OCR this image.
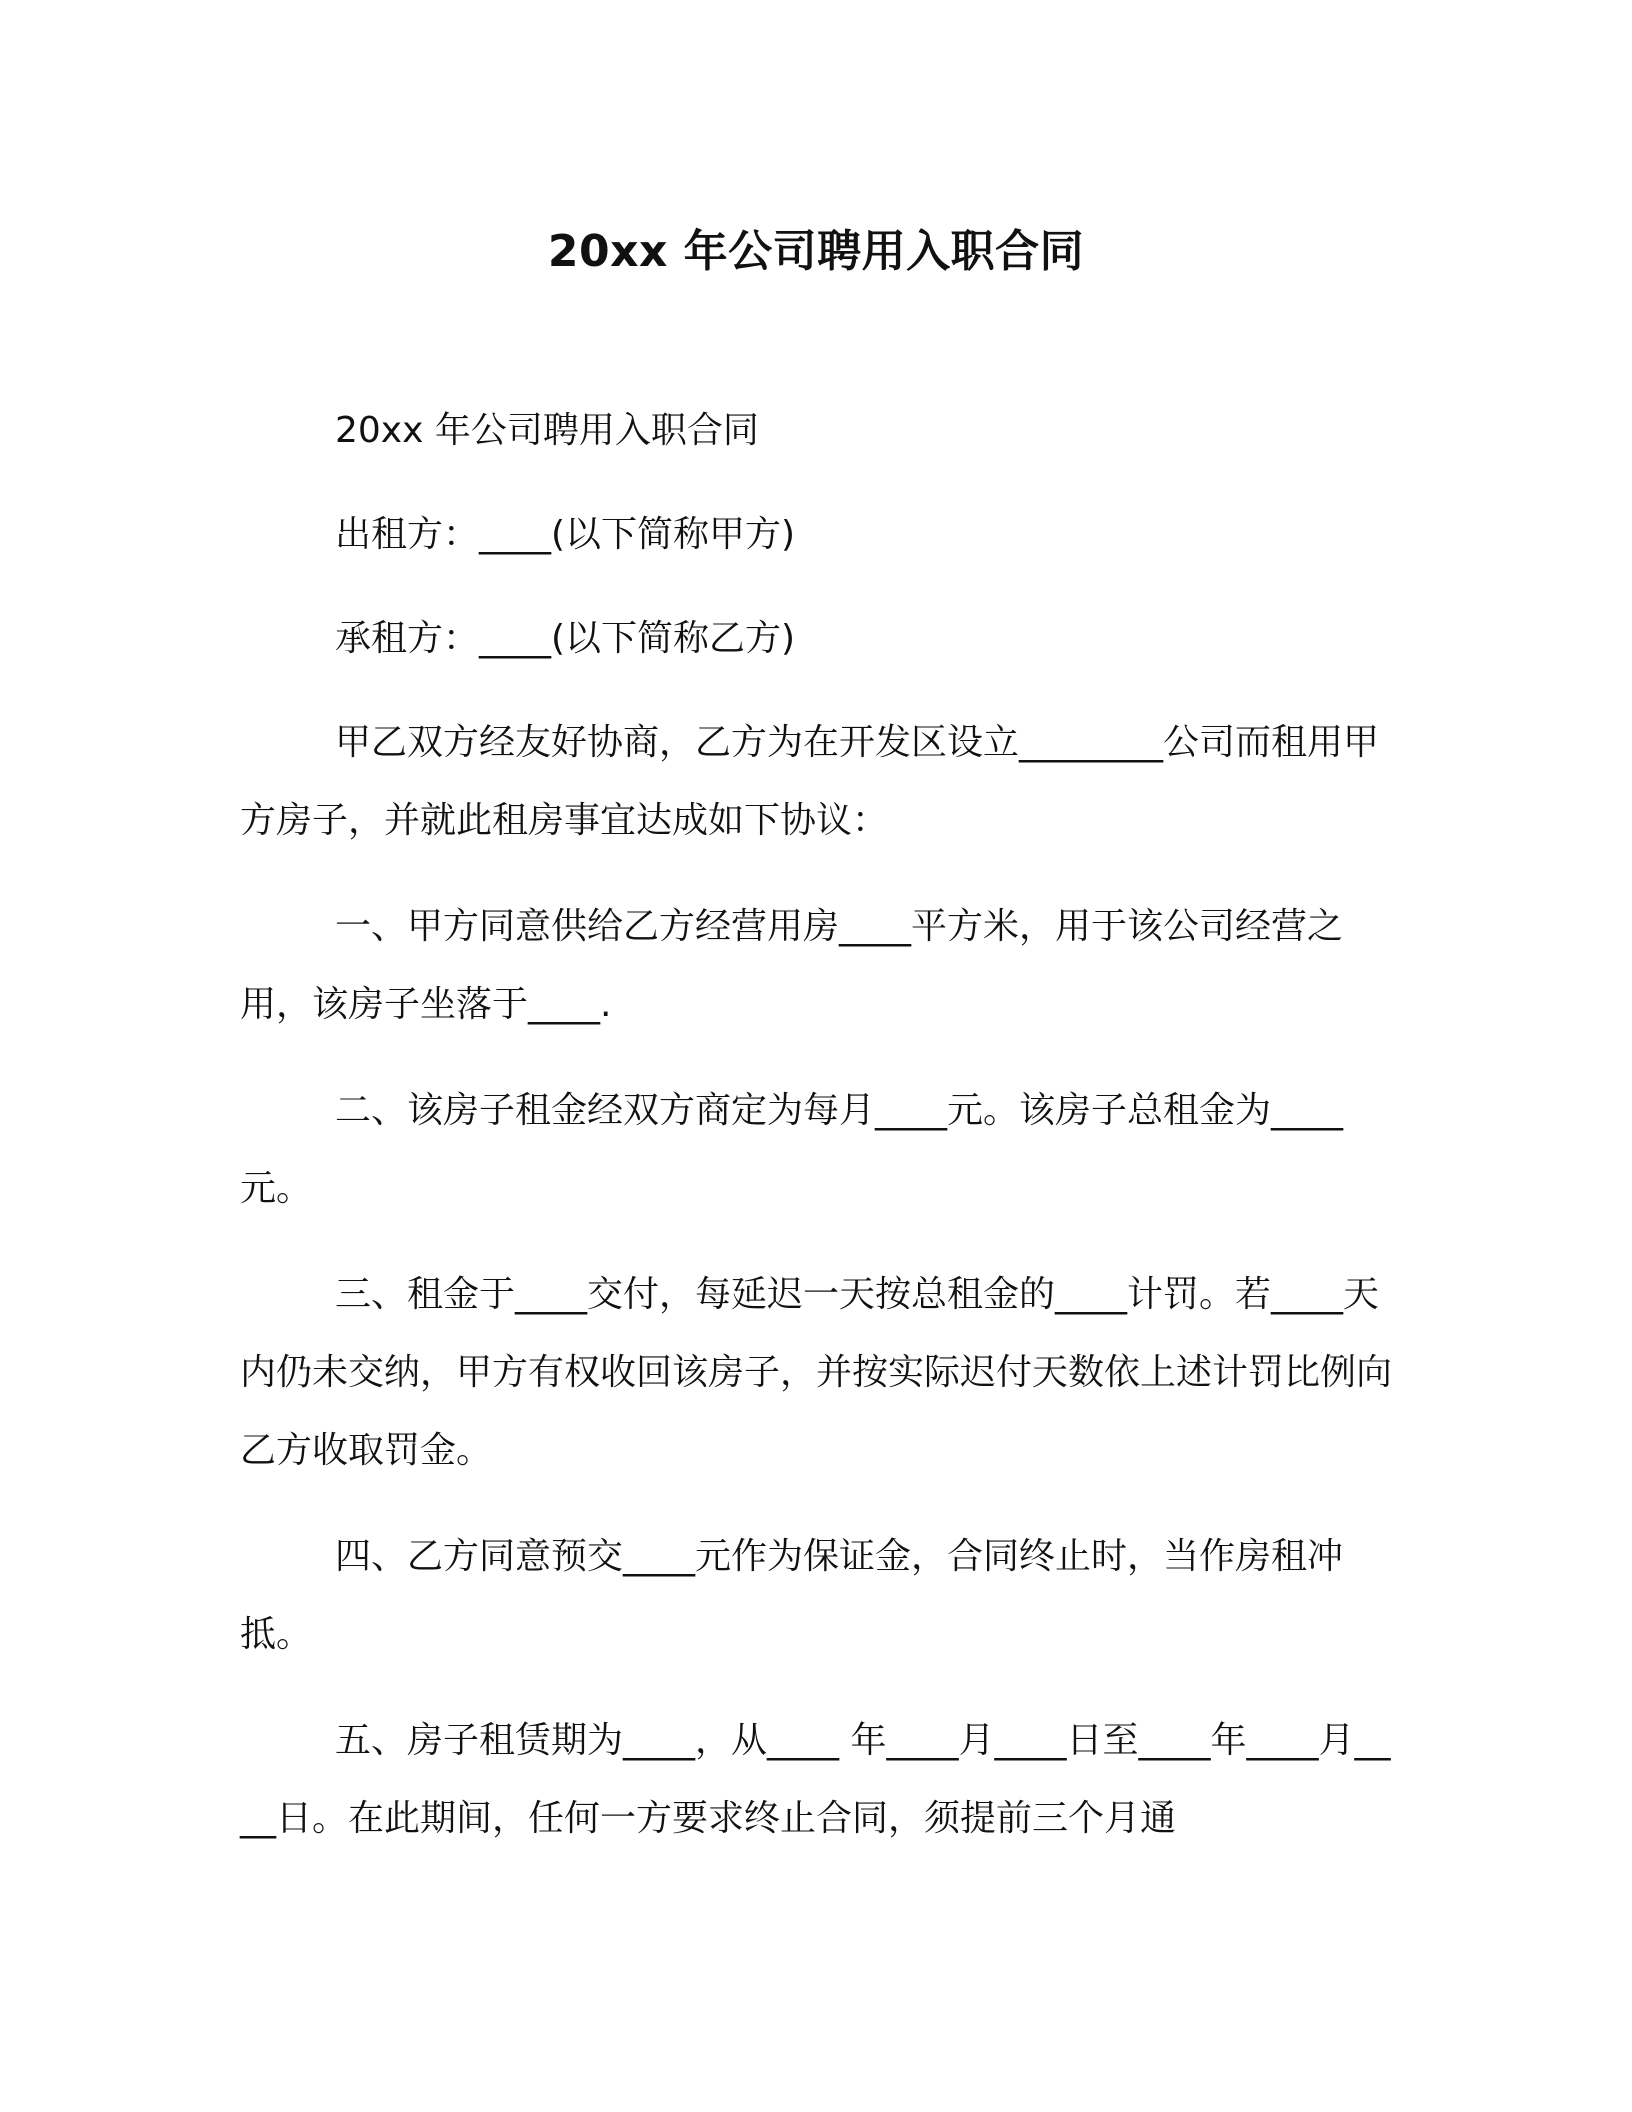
20xx 年公司聘用入职合同

20xx 年公司聘用入职合同

出租方：____(以下简称甲方)

承租方：____(以下简称乙方)

甲乙双方经友好协商，乙方为在开发区设立________公司而租用甲方房子，并就此租房事宜达成如下协议：

一、甲方同意供给乙方经营用房____平方米，用于该公司经营之用，该房子坐落于____.

二、该房子租金经双方商定为每月____元。该房子总租金为____元。

三、租金于____交付，每延迟一天按总租金的____计罚。若____天内仍未交纳，甲方有权收回该房子，并按实际迟付天数依上述计罚比例向乙方收取罚金。

四、乙方同意预交____元作为保证金，合同终止时，当作房租冲抵。

五、房子租赁期为____，从____ 年____月____日至____年____月____日。在此期间，任何一方要求终止合同，须提前三个月通
